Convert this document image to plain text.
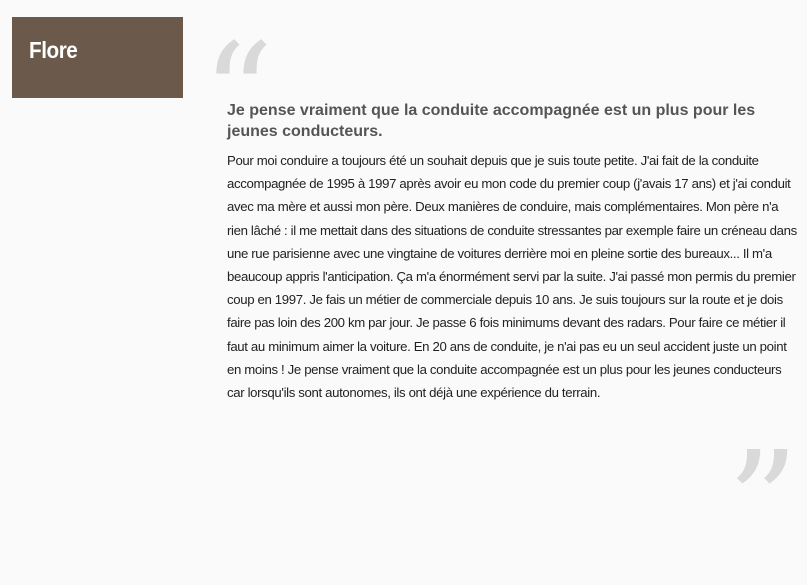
Flore “
Je pense vraiment que la conduite accompagnée est un plus pour les jeunes conducteurs.

Pour moi conduire a toujours été un souhait depuis que je suis toute petite. J'ai fait de la conduite accompagnée de 1995 à 1997 après avoir eu mon code du premier coup (j'avais 17 ans) et j'ai conduit avec ma mère et aussi mon père. Deux manières de conduire, mais complémentaires. Mon père n'a rien lâché : il me mettait dans des situations de conduite stressantes par exemple faire un créneau dans une rue parisienne avec une vingtaine de voitures derrière moi en pleine sortie des bureaux... Il m'a beaucoup appris l'anticipation. Ça m'a énormément servi par la suite. J'ai passé mon permis du premier coup en 1997. Je fais un métier de commerciale depuis 10 ans. Je suis toujours sur la route et je dois faire pas loin des 200 km par jour. Je passe 6 fois minimums devant des radars. Pour faire ce métier il faut au minimum aimer la voiture. En 20 ans de conduite, je n'ai pas eu un seul accident juste un point en moins ! Je pense vraiment que la conduite accompagnée est un plus pour les jeunes conducteurs car lorsqu'ils sont autonomes, ils ont déjà une expérience du terrain.

”
